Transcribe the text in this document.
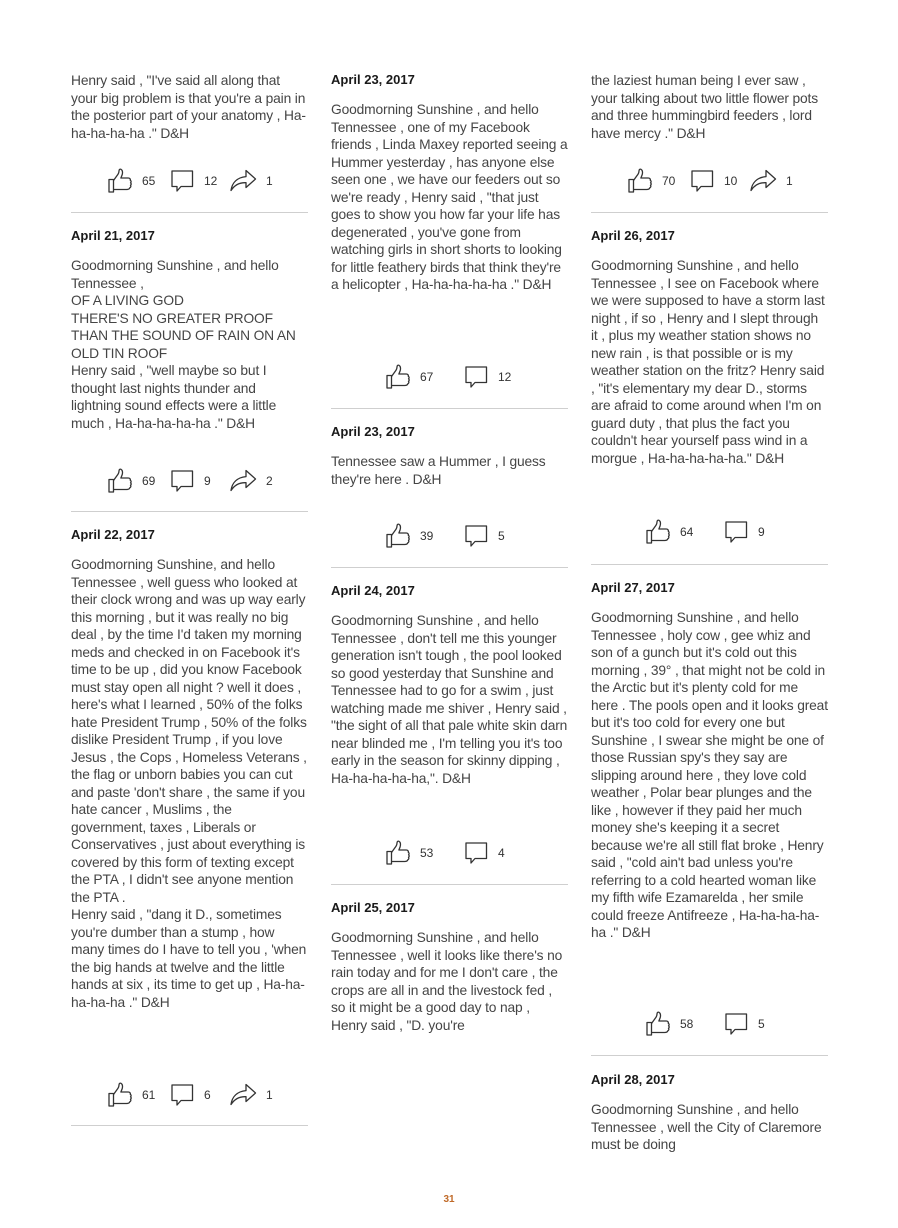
Henry said , "I've said all along that your big problem is that you're a pain in the posterior part of your anatomy , Ha-ha-ha-ha-ha ." D&H

65	12	1
April 21, 2017

Goodmorning Sunshine , and hello Tennessee ,
OF A LIVING GOD
THERE'S NO GREATER PROOF
THAN THE SOUND OF RAIN ON AN OLD TIN ROOF
Henry said , "well maybe so but I thought last nights thunder and lightning sound effects were a little much , Ha-ha-ha-ha-ha ." D&H

69	9	2
April 22, 2017

Goodmorning Sunshine, and hello Tennessee , well guess who looked at their clock wrong and was up way early this morning , but it was really no big deal , by the time I'd taken my morning meds and checked in on Facebook it's time to be up , did you know Facebook must stay open all night ? well it does , here's what I learned , 50% of the folks hate President Trump , 50% of the folks dislike President Trump , if you love Jesus , the Cops , Homeless Veterans , the flag or unborn babies you can cut and paste 'don't share , the same if you hate cancer , Muslims , the government, taxes , Liberals or Conservatives , just about everything is covered by this form of texting except the PTA , I didn't see anyone mention the PTA .
Henry said , "dang it D., sometimes you're dumber than a stump , how many times do I have to tell you , 'when the big hands at twelve and the little hands at six , its time to get up , Ha-ha-ha-ha-ha ." D&H

61	6	1
April 23, 2017

Goodmorning Sunshine , and hello Tennessee , one of my Facebook friends , Linda Maxey reported seeing a Hummer yesterday , has anyone else seen one , we have our feeders out so we're ready , Henry said , "that just goes to show you how far your life has degenerated , you've gone from watching girls in short shorts to looking for little feathery birds that think they're a helicopter , Ha-ha-ha-ha-ha ." D&H

67	12
April 23, 2017

Tennessee saw a Hummer , I guess they're here . D&H

39	5
April 24, 2017

Goodmorning Sunshine , and hello Tennessee , don't tell me this younger generation isn't tough , the pool looked so good yesterday that Sunshine and Tennessee had to go for a swim , just watching made me shiver , Henry said , "the sight of all that pale white skin darn near blinded me , I'm telling you it's too early in the season for skinny dipping , Ha-ha-ha-ha-ha,". D&H

53	4
April 25, 2017

Goodmorning Sunshine , and hello Tennessee , well it looks like there's no rain today and for me I don't care , the crops are all in and the livestock fed , so it might be a good day to nap , Henry said , "D. you're

the laziest human being I ever saw , your talking about two little flower pots and three hummingbird feeders , lord have mercy ." D&H

70	10	1
April 26, 2017

Goodmorning Sunshine , and hello Tennessee , I see on Facebook where we were supposed to have a storm last night , if so , Henry and I slept through it , plus my weather station shows no new rain , is that possible or is my weather station on the fritz? Henry said , "it's elementary my dear D., storms are afraid to come around when I'm on guard duty , that plus the fact you couldn't hear yourself pass wind in a morgue , Ha-ha-ha-ha-ha." D&H

64	9
April 27, 2017

Goodmorning Sunshine , and hello Tennessee , holy cow , gee whiz and son of a gunch but it's cold out this morning , 39° , that might not be cold in the Arctic but it's plenty cold for me here . The pools open and it looks great but it's too cold for every one but Sunshine , I swear she might be one of those Russian spy's they say are slipping around here , they love cold weather , Polar bear plunges and the like , however if they paid her much money she's keeping it a secret because we're all still flat broke , Henry said , "cold ain't bad unless you're referring to a cold hearted woman like my fifth wife Ezamarelda , her smile could freeze Antifreeze , Ha-ha-ha-ha-ha ." D&H

58	5
April 28, 2017

Goodmorning Sunshine , and hello Tennessee , well the City of Claremore must be doing

31
